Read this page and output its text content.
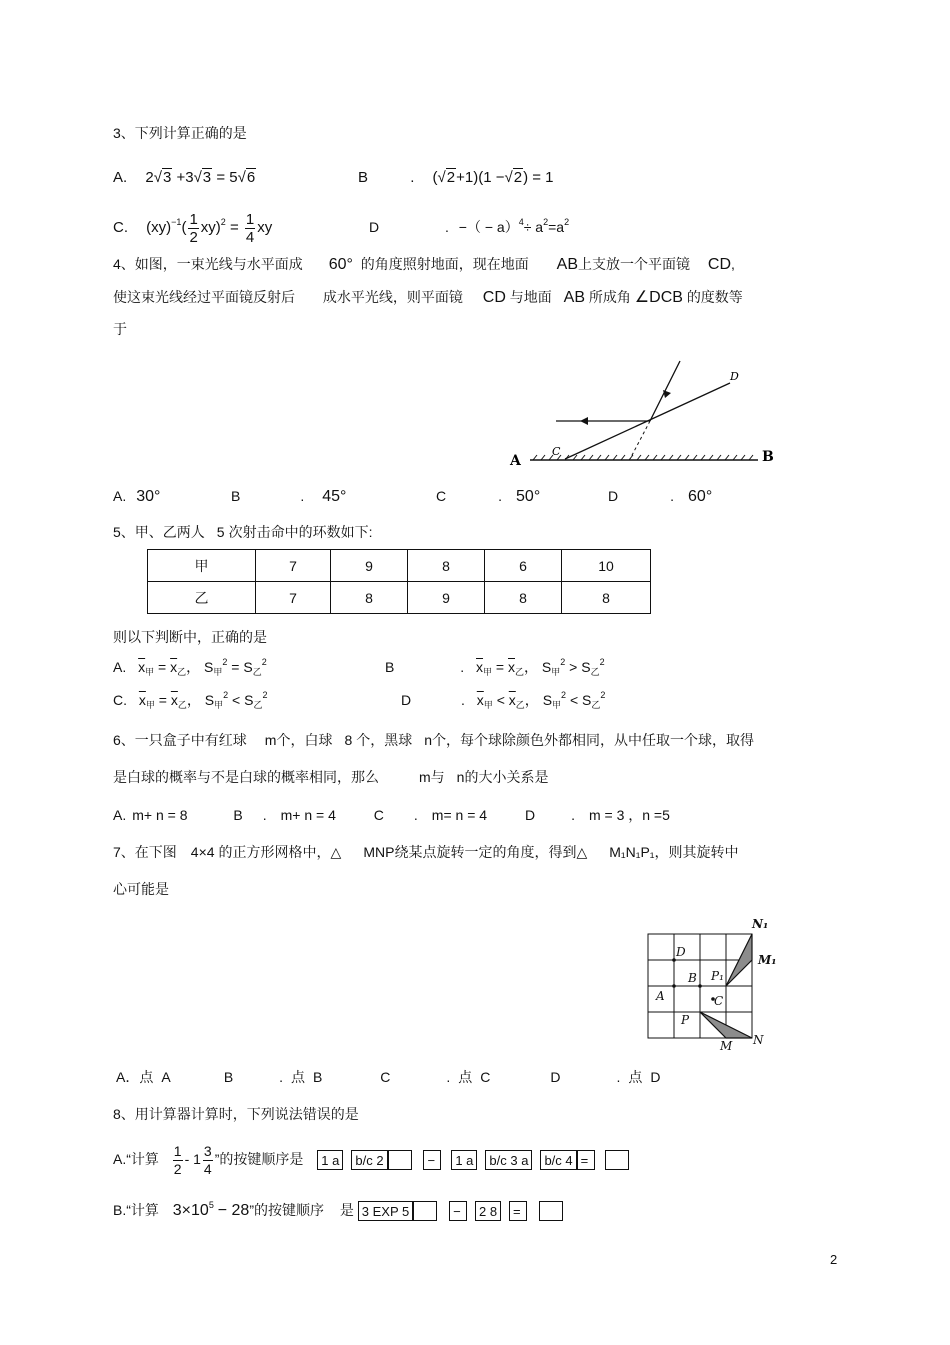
3、下列计算正确的是
A. 2√3 +3√3 = 5√6	B	. (√2+1)(1 −√2) = 1
C. $(xy)^{-1}( \frac{1}{2} xy)^2 = \frac{1}{4}$ xy	D	. −（ − $a)^4\div a^2=a^2$
4、如图，一束光线与水平面成 60° 的角度照射地面，现在地面 AB上支放一个平面镜 CD,
使这束光线经过平面镜反射后 成水平光线，则平面镜 CD 与地面 AB 所成角 ∠DCB 的度数等
于
A	B
C
D
A. 30°	B	. 45°	C	. 50°	D	. 60°
5、甲、乙两人 5 次射击命中的环数如下:
甲	7	9	8	6	10
乙	7	8	9	8	8
则以下判断中，正确的是
A. $\overline{x}_甲 = \overline{x}_乙$， $S_甲^2 = S_乙^2$	B	. $\overline{x}_甲 = \overline{x}_乙$， $S_甲^2 > S_乙^2$
C. $\overline{x}_甲 = \overline{x}_乙$， $S_甲^2 < S_乙^2$	D	. $\overline{x}_甲 < \overline{x}_乙$， $S_甲^2 < S_乙^2$
6、一只盒子中有红球 m个，白球 8 个，黑球 n个，每个球除颜色外都相同，从中任取一个球，取得
是白球的概率与不是白球的概率相同，那么	m与 n的大小关系是
A. m+ n = 8	B . m+ n = 4	C . m= n = 4	D	. m = 3 ，n =5
7、在下图 4×4 的正方形网格中，△ MNP绕某点旋转一定的角度，得到△ M₁N₁P₁，则其旋转中
心可能是
N₁
M₁
D
B P₁
A	C
P
M N
A．点 A	B	. 点 B	C	. 点 C	D	. 点 D
8、用计算器计算时，下列说法错误的是
A.“计算 $\frac{1}{2} - 1 \frac{3}{4}$ ”的按键顺序是 1 a b/c 2	− 1 a b/c 3 a b/c 4 =
B.“计算 $3\times 10^5 - 28$”的按键顺序 是 3 EXP 5	− 2 8 =
2
